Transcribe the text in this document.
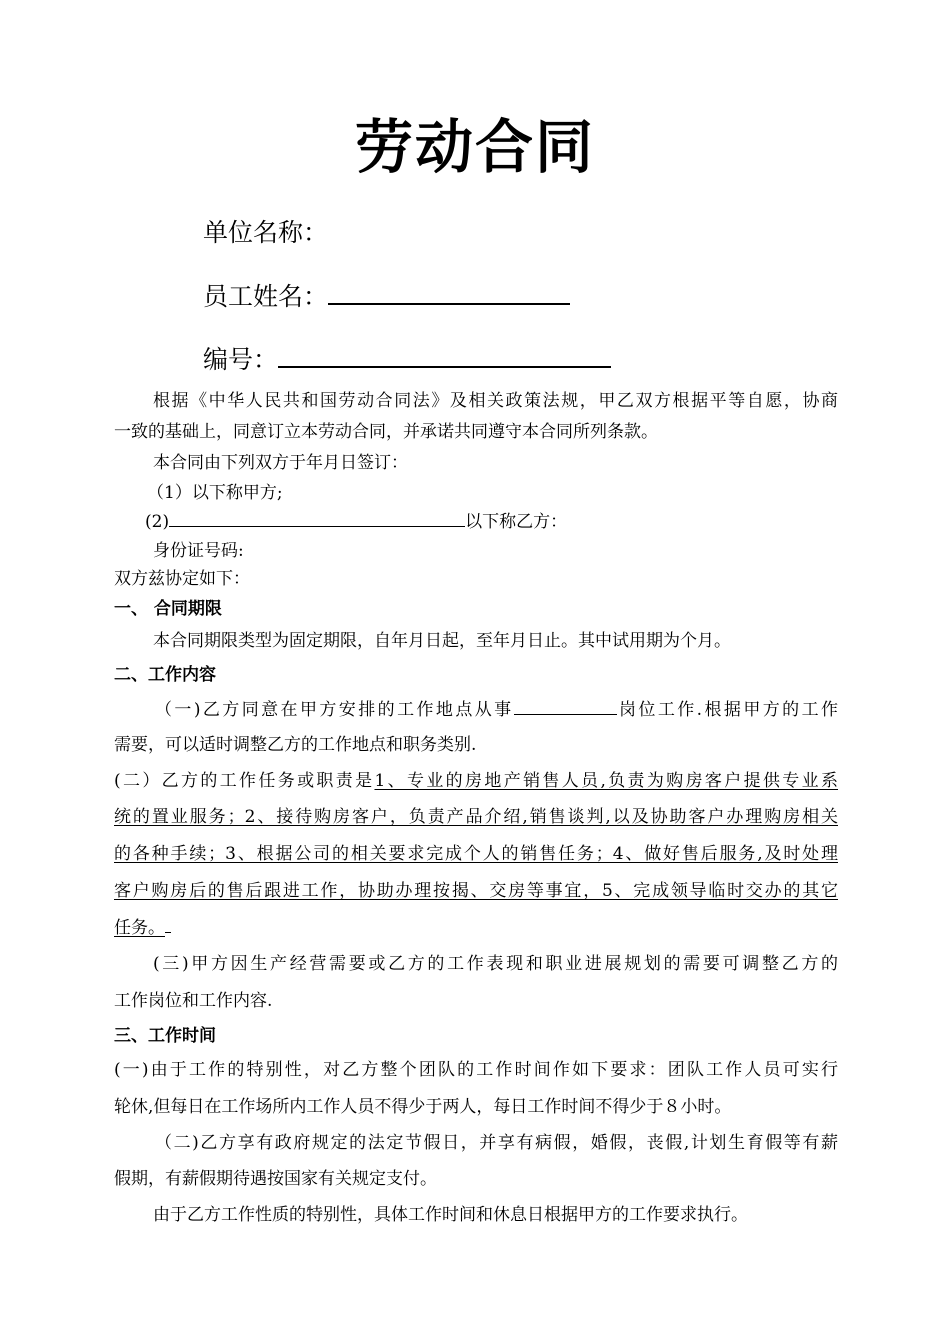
劳动合同
单位名称：
员工姓名：
编号：
根据《中华人民共和国劳动合同法》及相关政策法规，甲乙双方根据平等自愿，协商
一致的基础上，同意订立本劳动合同，并承诺共同遵守本合同所列条款。
本合同由下列双方于年月日签订：
（1）以下称甲方;
(2)	以下称乙方：
身份证号码:
双方兹协定如下：
一、 合同期限
本合同期限类型为固定期限，自年月日起，至年月日止。其中试用期为个月。
二、工作内容
（一)乙方同意在甲方安排的工作地点从事	岗位工作.根据甲方的工作
需要，可以适时调整乙方的工作地点和职务类别.
(二）乙方的工作任务或职责是1、专业的房地产销售人员,负责为购房客户提供专业系
统的置业服务；2、接待购房客户，负责产品介绍,销售谈判,以及协助客户办理购房相关
的各种手续；3、根据公司的相关要求完成个人的销售任务；4、做好售后服务,及时处理
客户购房后的售后跟进工作，协助办理按揭、交房等事宜，5、完成领导临时交办的其它
任务。
(三)甲方因生产经营需要或乙方的工作表现和职业进展规划的需要可调整乙方的
工作岗位和工作内容.
三、工作时间
(一)由于工作的特别性，对乙方整个团队的工作时间作如下要求：团队工作人员可实行
轮休,但每日在工作场所内工作人员不得少于两人，每日工作时间不得少于８小时。
（二)乙方享有政府规定的法定节假日，并享有病假，婚假，丧假,计划生育假等有薪
假期，有薪假期待遇按国家有关规定支付。
由于乙方工作性质的特别性，具体工作时间和休息日根据甲方的工作要求执行。
